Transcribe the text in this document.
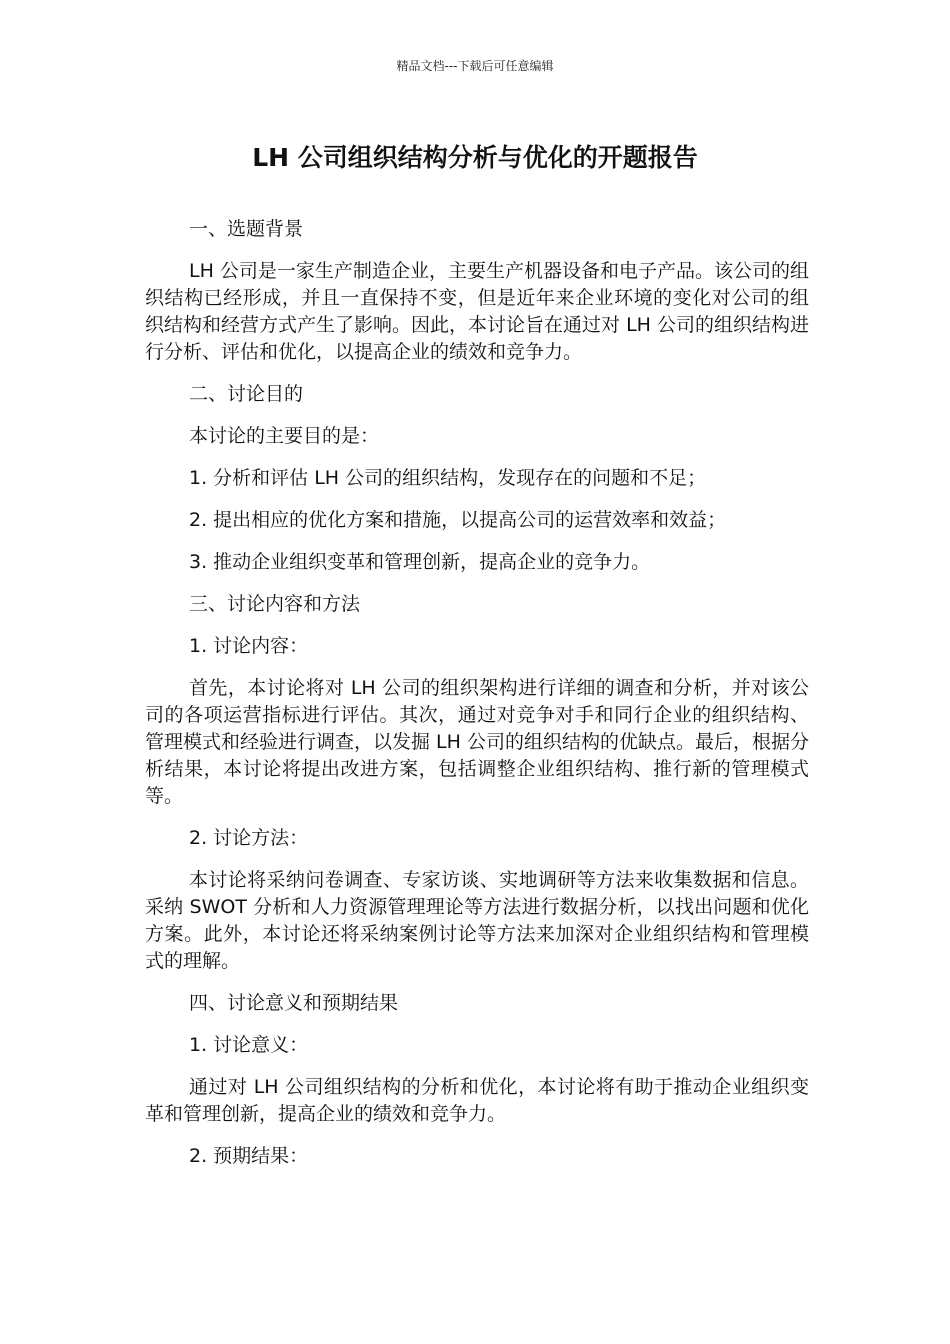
精品文档---下载后可任意编辑
LH 公司组织结构分析与优化的开题报告

一、选题背景

LH 公司是一家生产制造企业，主要生产机器设备和电子产品。该公司的组织结构已经形成，并且一直保持不变，但是近年来企业环境的变化对公司的组织结构和经营方式产生了影响。因此，本讨论旨在通过对 LH 公司的组织结构进行分析、评估和优化，以提高企业的绩效和竞争力。

二、讨论目的

本讨论的主要目的是：

1. 分析和评估 LH 公司的组织结构，发现存在的问题和不足；

2. 提出相应的优化方案和措施，以提高公司的运营效率和效益；

3. 推动企业组织变革和管理创新，提高企业的竞争力。

三、讨论内容和方法

1. 讨论内容：

首先，本讨论将对 LH 公司的组织架构进行详细的调查和分析，并对该公司的各项运营指标进行评估。其次，通过对竞争对手和同行企业的组织结构、管理模式和经验进行调查，以发掘 LH 公司的组织结构的优缺点。最后，根据分析结果，本讨论将提出改进方案，包括调整企业组织结构、推行新的管理模式等。

2. 讨论方法：

本讨论将采纳问卷调查、专家访谈、实地调研等方法来收集数据和信息。采纳 SWOT 分析和人力资源管理理论等方法进行数据分析，以找出问题和优化方案。此外，本讨论还将采纳案例讨论等方法来加深对企业组织结构和管理模式的理解。

四、讨论意义和预期结果

1. 讨论意义：

通过对 LH 公司组织结构的分析和优化，本讨论将有助于推动企业组织变革和管理创新，提高企业的绩效和竞争力。

2. 预期结果：
